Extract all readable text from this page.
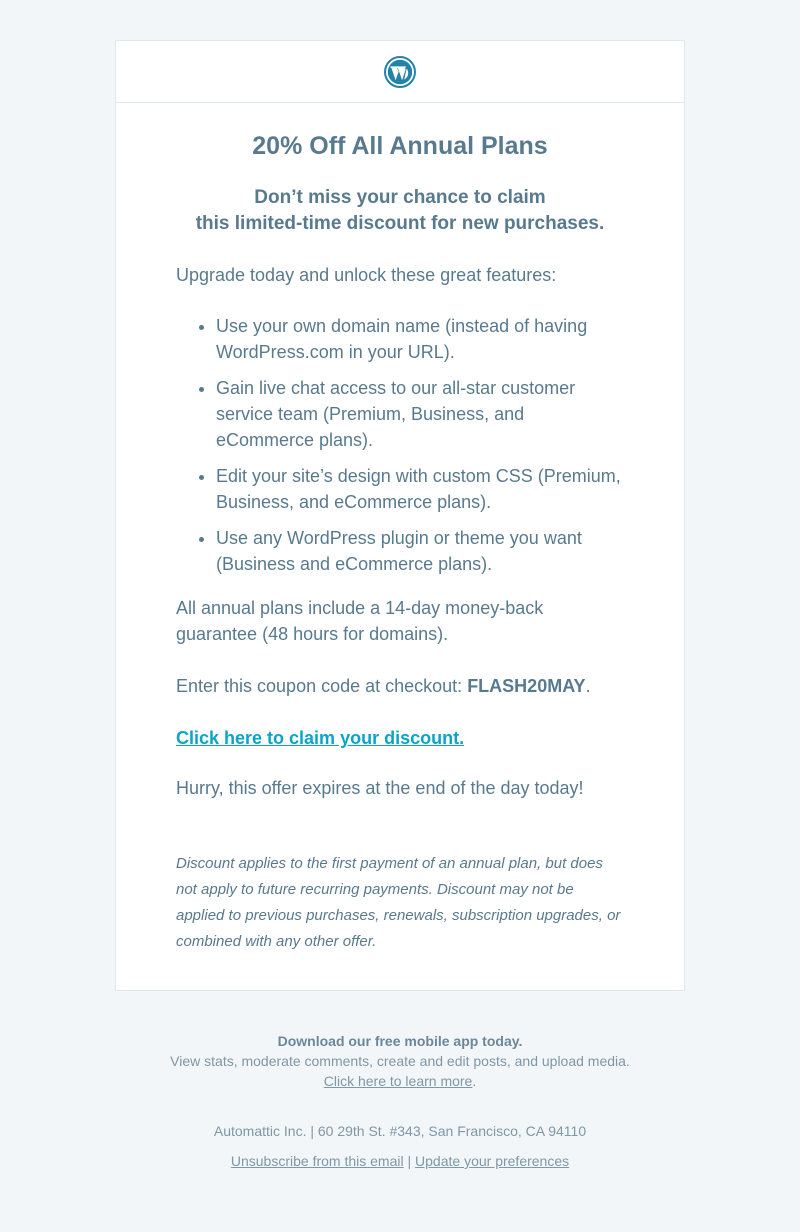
20% Off All Annual Plans
Don’t miss your chance to claim
this limited-time discount for new purchases.

Upgrade today and unlock these great features:

• Use your own domain name (instead of having WordPress.com in your URL).
• Gain live chat access to our all-star customer service team (Premium, Business, and eCommerce plans).
• Edit your site’s design with custom CSS (Premium, Business, and eCommerce plans).
• Use any WordPress plugin or theme you want (Business and eCommerce plans).

All annual plans include a 14-day money-back guarantee (48 hours for domains).

Enter this coupon code at checkout: FLASH20MAY.

Click here to claim your discount.

Hurry, this offer expires at the end of the day today!

Discount applies to the first payment of an annual plan, but does not apply to future recurring payments. Discount may not be applied to previous purchases, renewals, subscription upgrades, or combined with any other offer.

Download our free mobile app today.
View stats, moderate comments, create and edit posts, and upload media.
Click here to learn more.
Automattic Inc. | 60 29th St. #343, San Francisco, CA 94110
Unsubscribe from this email | Update your preferences
